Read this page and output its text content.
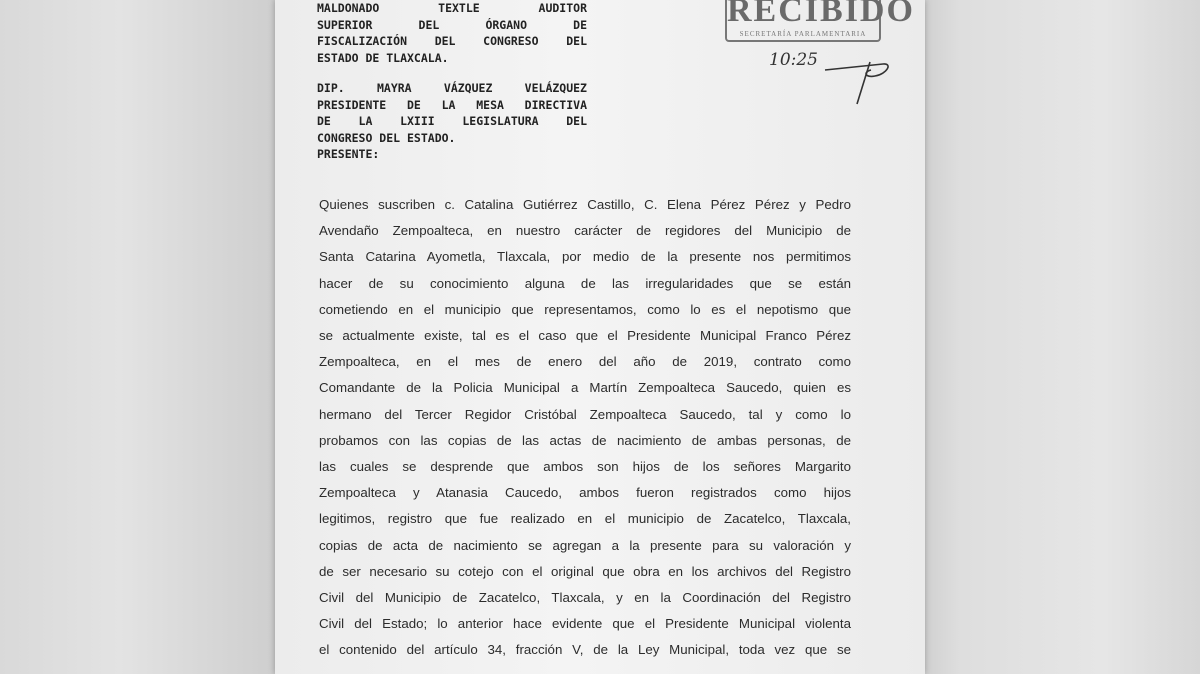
MALDONADO TEXTLE AUDITOR
SUPERIOR DEL ÓRGANO DE
FISCALIZACIÓN DEL CONGRESO DEL
ESTADO DE TLAXCALA.
DIP. MAYRA VÁZQUEZ VELÁZQUEZ
PRESIDENTE DE LA MESA DIRECTIVA
DE LA LXIII LEGISLATURA DEL
CONGRESO DEL ESTADO.
PRESENTE:
RECIBIDO
SECRETARÍA PARLAMENTARIA
10:25
Quienes suscriben c. Catalina Gutiérrez Castillo, C. Elena Pérez Pérez y Pedro
Avendaño Zempoalteca, en nuestro carácter de regidores del Municipio de
Santa Catarina Ayometla, Tlaxcala, por medio de la presente nos permitimos
hacer de su conocimiento alguna de las irregularidades que se están
cometiendo en el municipio que representamos, como lo es el nepotismo que
se actualmente existe, tal es el caso que el Presidente Municipal Franco Pérez
Zempoalteca, en el mes de enero del año de 2019, contrato como
Comandante de la Policia Municipal a Martín Zempoalteca Saucedo, quien es
hermano del Tercer Regidor Cristóbal Zempoalteca Saucedo, tal y como lo
probamos con las copias de las actas de nacimiento de ambas personas, de
las cuales se desprende que ambos son hijos de los señores Margarito
Zempoalteca y Atanasia Caucedo, ambos fueron registrados como hijos
legitimos, registro que fue realizado en el municipio de Zacatelco, Tlaxcala,
copias de acta de nacimiento se agregan a la presente para su valoración y
de ser necesario su cotejo con el original que obra en los archivos del Registro
Civil del Municipio de Zacatelco, Tlaxcala, y en la Coordinación del Registro
Civil del Estado; lo anterior hace evidente que el Presidente Municipal violenta
el contenido del artículo 34, fracción V, de la Ley Municipal, toda vez que se
